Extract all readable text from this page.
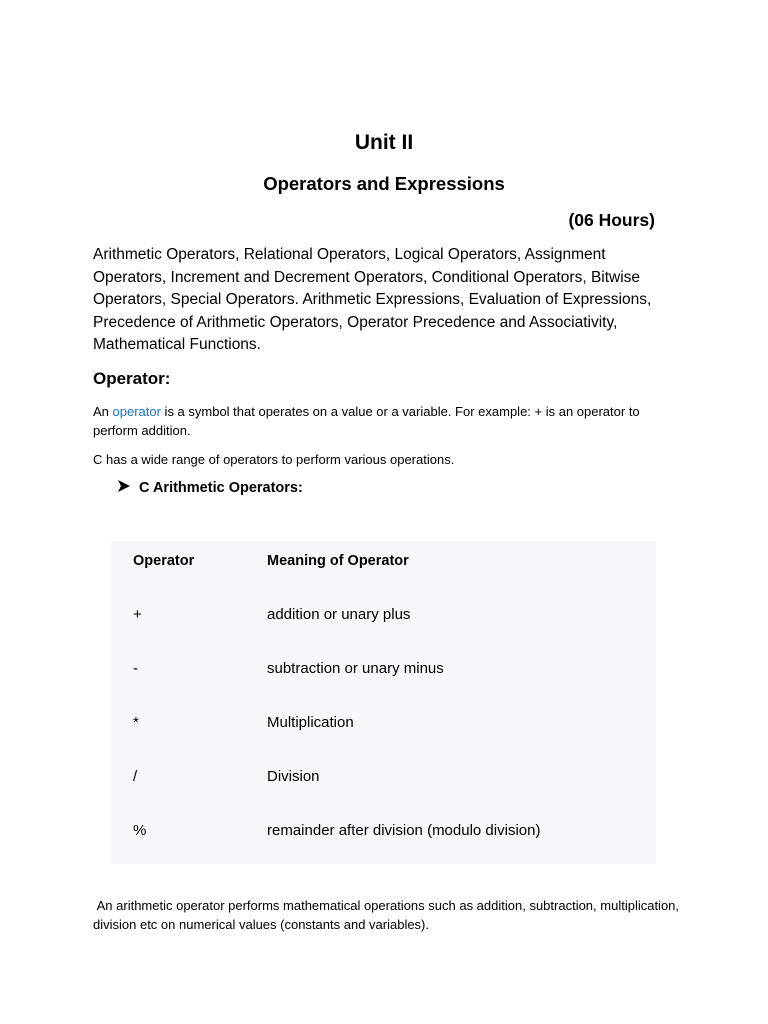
Unit II
Operators and Expressions
(06 Hours)

Arithmetic Operators, Relational Operators, Logical Operators, Assignment Operators, Increment and Decrement Operators, Conditional Operators, Bitwise Operators, Special Operators. Arithmetic Expressions, Evaluation of Expressions, Precedence of Arithmetic Operators, Operator Precedence and Associativity, Mathematical Functions.

Operator:

An operator is a symbol that operates on a value or a variable. For example: + is an operator to perform addition.

C has a wide range of operators to perform various operations.

C Arithmetic Operators:
Operator	Meaning of Operator
+	addition or unary plus
-	subtraction or unary minus
*	Multiplication
/	Division
%	remainder after division (modulo division)

An arithmetic operator performs mathematical operations such as addition, subtraction, multiplication, division etc on numerical values (constants and variables).
